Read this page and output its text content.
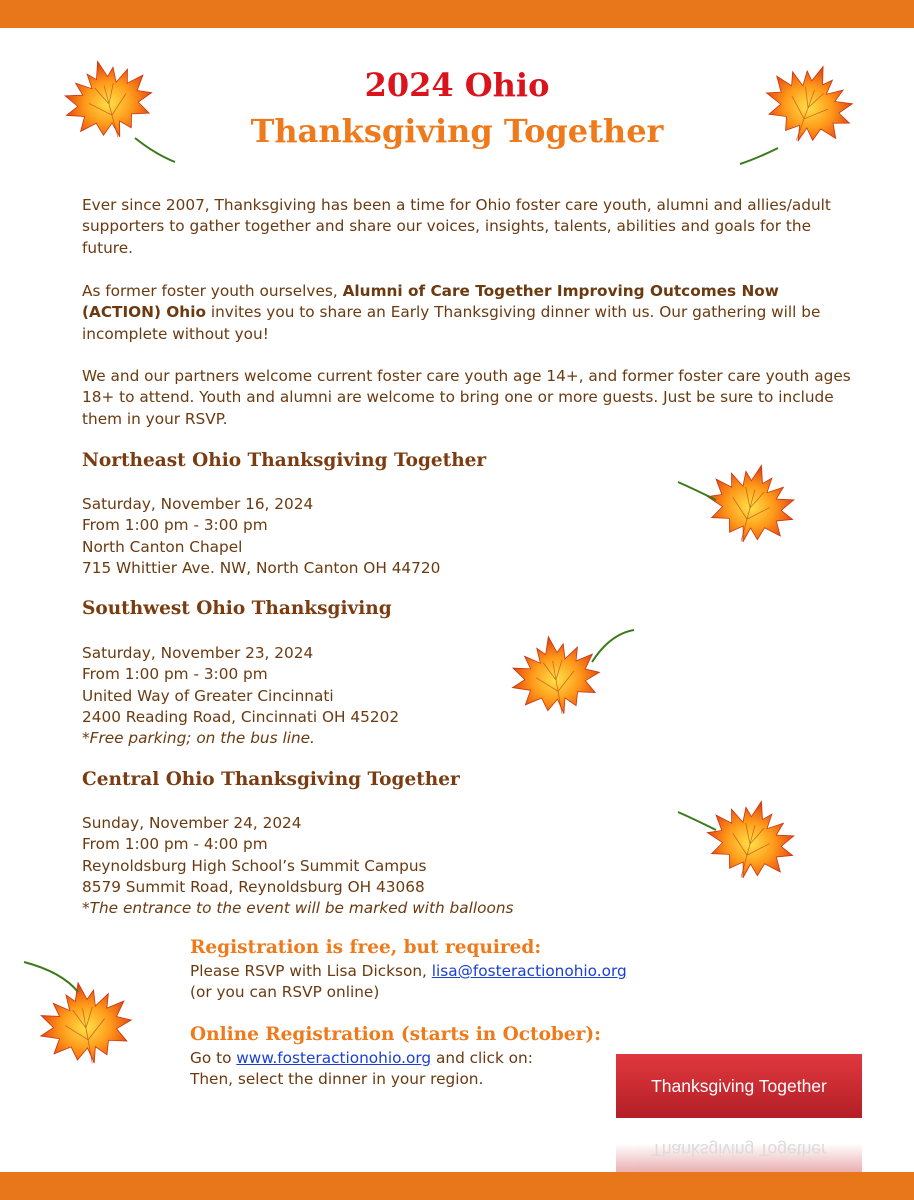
2024 Ohio
Thanksgiving Together
Ever since 2007, Thanksgiving has been a time for Ohio foster care youth, alumni and allies/adult supporters to gather together and share our voices, insights, talents, abilities and goals for the future.
As former foster youth ourselves, Alumni of Care Together Improving Outcomes Now (ACTION) Ohio invites you to share an Early Thanksgiving dinner with us. Our gathering will be incomplete without you!
We and our partners welcome current foster care youth age 14+, and former foster care youth ages 18+ to attend. Youth and alumni are welcome to bring one or more guests. Just be sure to include them in your RSVP.
Northeast Ohio Thanksgiving Together
Saturday, November 16, 2024
From 1:00 pm - 3:00 pm
North Canton Chapel
715 Whittier Ave. NW, North Canton OH 44720
Southwest Ohio Thanksgiving
Saturday, November 23, 2024
From 1:00 pm - 3:00 pm
United Way of Greater Cincinnati
2400 Reading Road, Cincinnati OH 45202
*Free parking; on the bus line.
Central Ohio Thanksgiving Together
Sunday, November 24, 2024
From 1:00 pm - 4:00 pm
Reynoldsburg High School’s Summit Campus
8579 Summit Road, Reynoldsburg OH 43068
*The entrance to the event will be marked with balloons
Registration is free, but required:
Please RSVP with Lisa Dickson, lisa@fosteractionohio.org
(or you can RSVP online)
Online Registration (starts in October):
Go to www.fosteractionohio.org and click on:
Then, select the dinner in your region.	Thanksgiving Together
Thanksgiving Together
